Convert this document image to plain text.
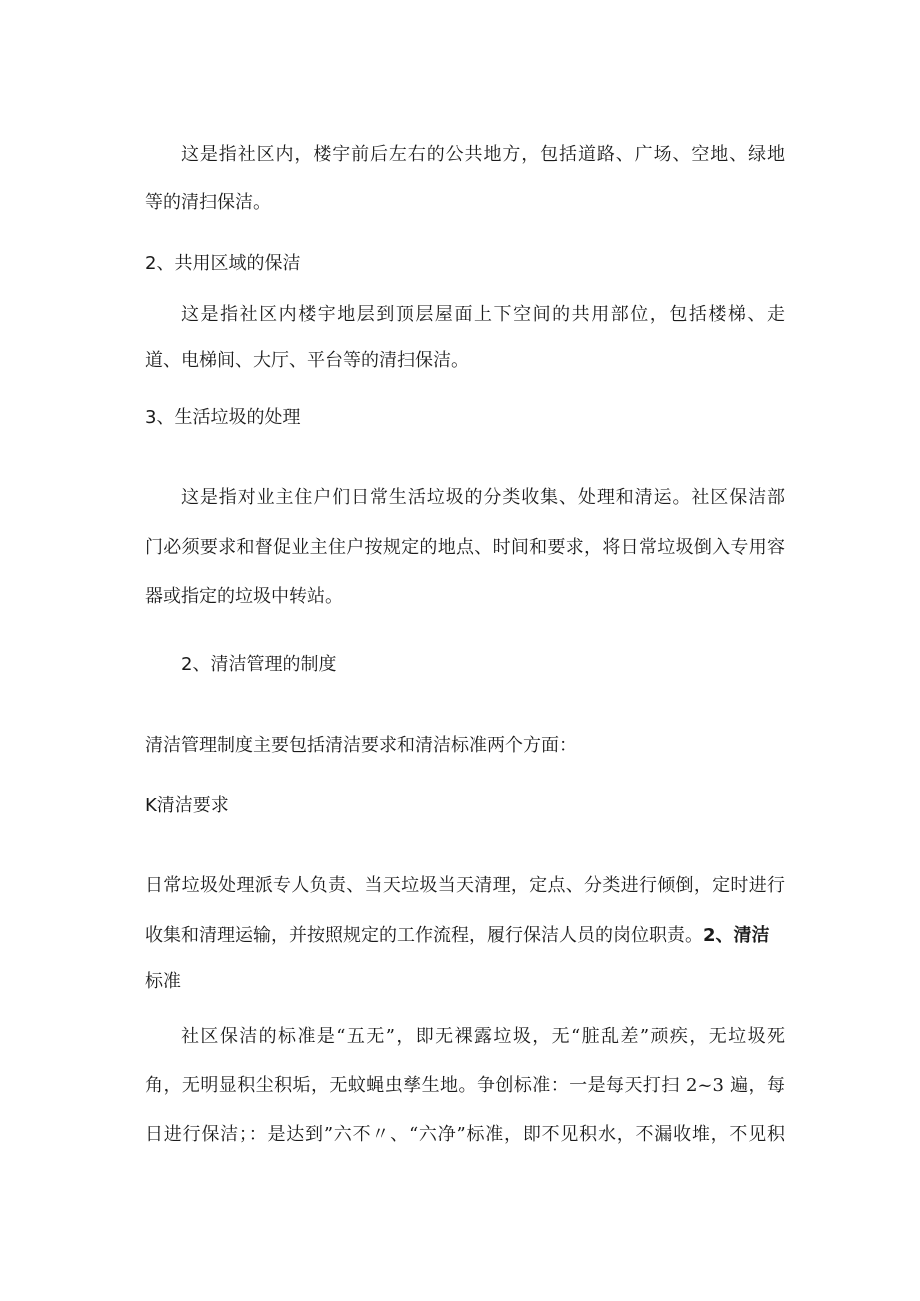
这是指社区内，楼宇前后左右的公共地方，包括道路、广场、空地、绿地
等的清扫保洁。
2、共用区域的保洁
这是指社区内楼宇地层到顶层屋面上下空间的共用部位，包括楼梯、走
道、电梯间、大厅、平台等的清扫保洁。
3、生活垃圾的处理
这是指对业主住户们日常生活垃圾的分类收集、处理和清运。社区保洁部
门必须要求和督促业主住户按规定的地点、时间和要求，将日常垃圾倒入专用容
器或指定的垃圾中转站。
2、清洁管理的制度
清洁管理制度主要包括清洁要求和清洁标准两个方面：
K清洁要求
日常垃圾处理派专人负责、当天垃圾当天清理，定点、分类进行倾倒，定时进行
收集和清理运输，并按照规定的工作流程，履行保洁人员的岗位职责。2、清洁
标准
社区保洁的标准是“五无”，即无裸露垃圾，无“脏乱差”顽疾，无垃圾死
角，无明显积尘积垢，无蚊蝇虫孳生地。争创标准：一是每天打扫 2~3 遍，每
日进行保洁；：是达到”六不〃、“六净”标准，即不见积水，不漏收堆，不见积
